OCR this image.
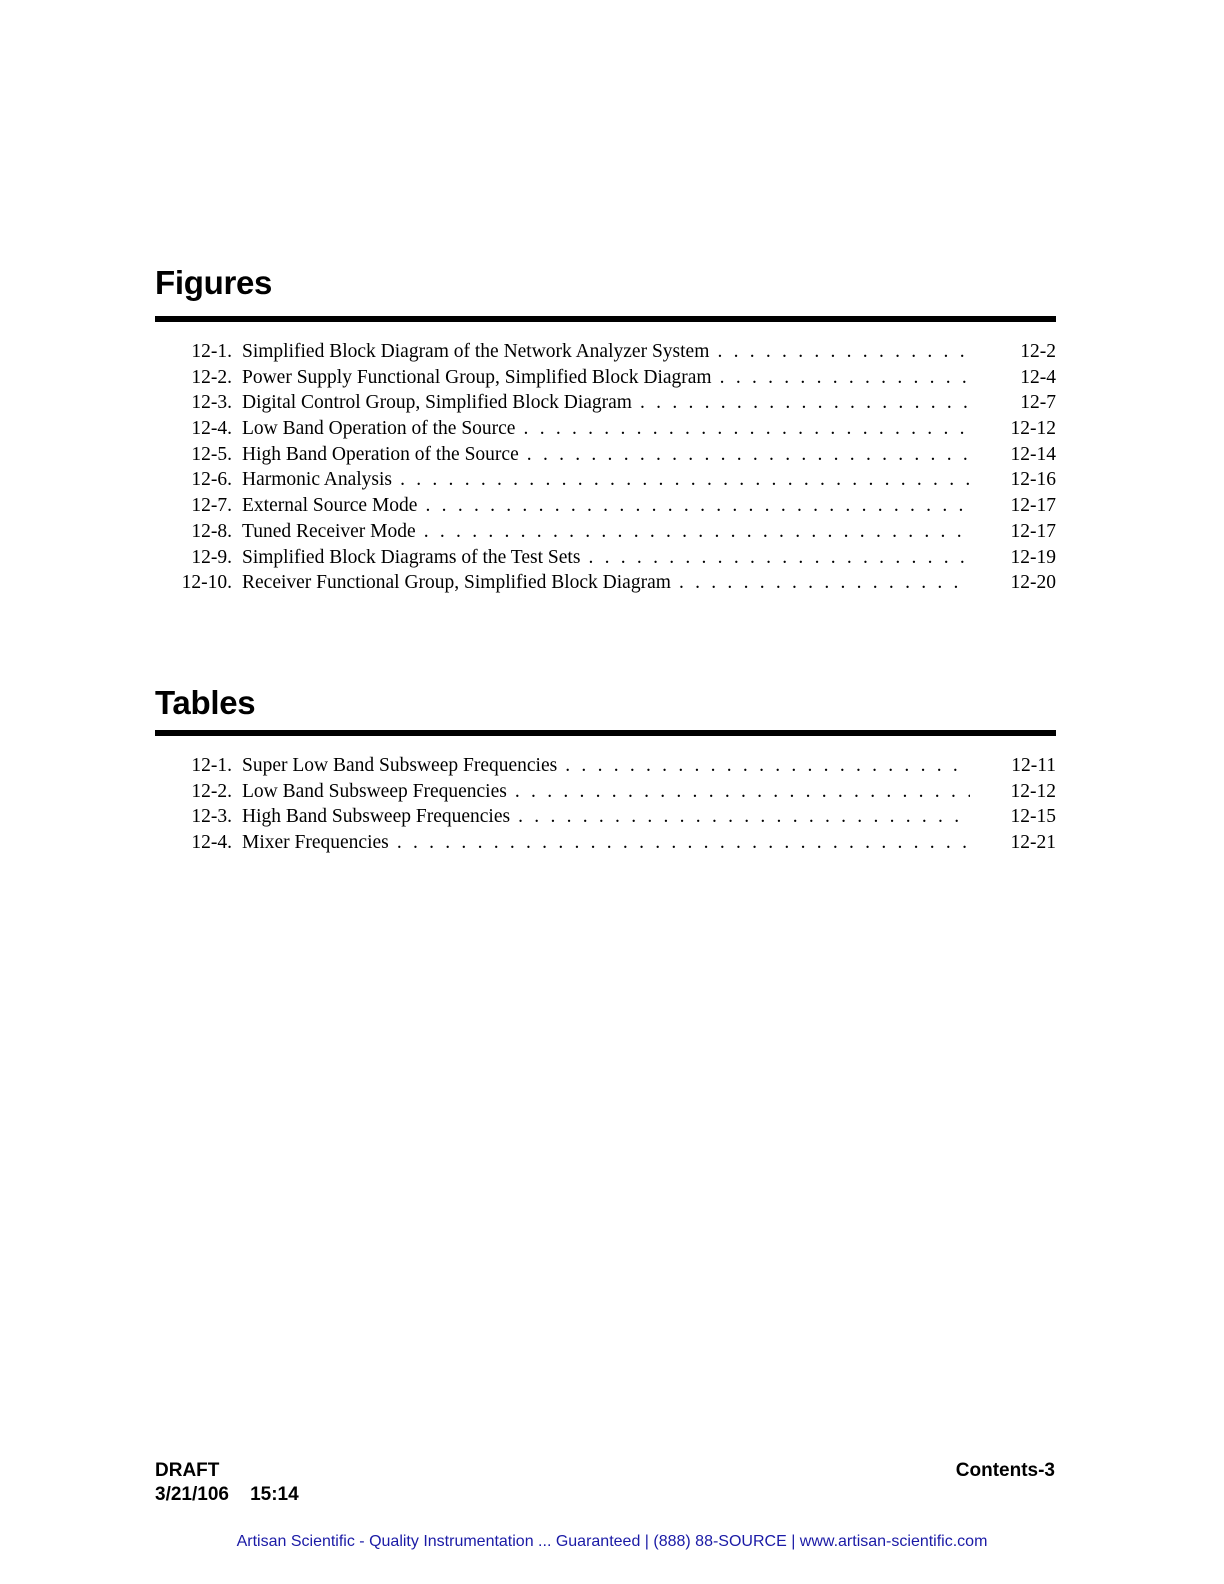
Figures
12-1. Simplified Block Diagram of the Network Analyzer System . . .	12-2
12-2. Power Supply Functional Group, Simplified Block Diagram . . .	12-4
12-3. Digital Control Group, Simplified Block Diagram . . .	12-7
12-4. Low Band Operation of the Source . . .	12-12
12-5. High Band Operation of the Source . . .	12-14
12-6. Harmonic Analysis . . .	12-16
12-7. External Source Mode . . .	12-17
12-8. Tuned Receiver Mode . . .	12-17
12-9. Simplified Block Diagrams of the Test Sets . . .	12-19
12-10. Receiver Functional Group, Simplified Block Diagram . . .	12-20
Tables
12-1. Super Low Band Subsweep Frequencies . . .	12-11
12-2. Low Band Subsweep Frequencies . . .	12-12
12-3. High Band Subsweep Frequencies . . .	12-15
12-4. Mixer Frequencies . . .	12-21
DRAFT
3/21/106    15:14
Contents-3
Artisan Scientific - Quality Instrumentation ... Guaranteed | (888) 88-SOURCE | www.artisan-scientific.com
